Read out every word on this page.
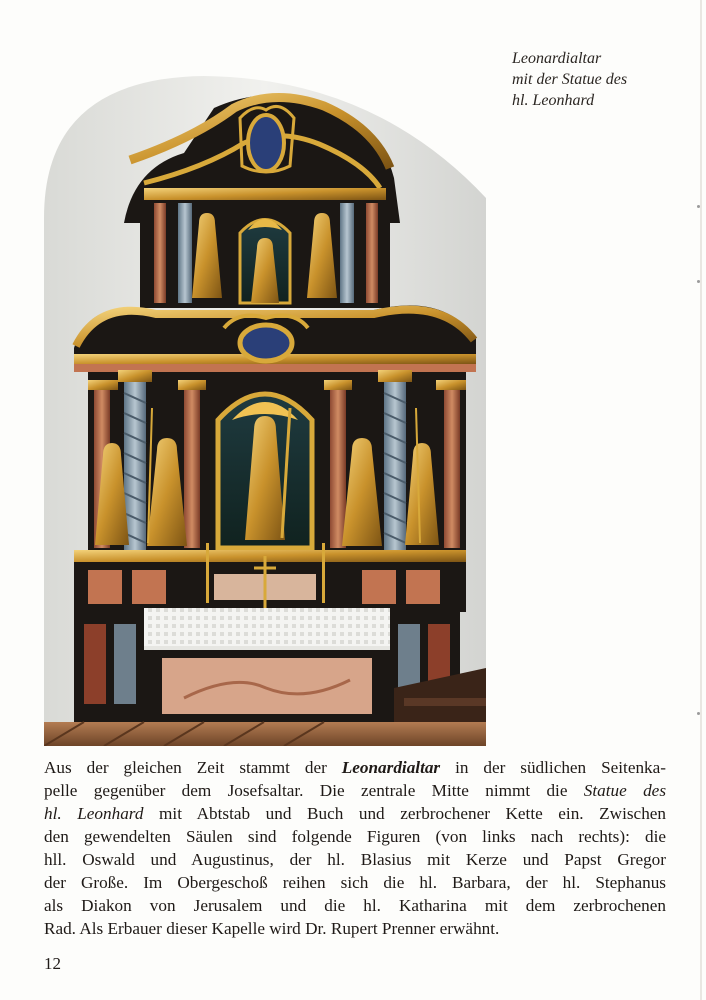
Leonardialtar
mit der Statue des
hl. Leonhard
Aus der gleichen Zeit stammt der Leonardialtar in der südlichen Seitenka-
pelle gegenüber dem Josefsaltar. Die zentrale Mitte nimmt die Statue des
hl. Leonhard mit Abtstab und Buch und zerbrochener Kette ein. Zwischen
den gewendelten Säulen sind folgende Figuren (von links nach rechts): die
hll. Oswald und Augustinus, der hl. Blasius mit Kerze und Papst Gregor
der Große. Im Obergeschoß reihen sich die hl. Barbara, der hl. Stephanus
als Diakon von Jerusalem und die hl. Katharina mit dem zerbrochenen
Rad. Als Erbauer dieser Kapelle wird Dr. Rupert Prenner erwähnt.
12
